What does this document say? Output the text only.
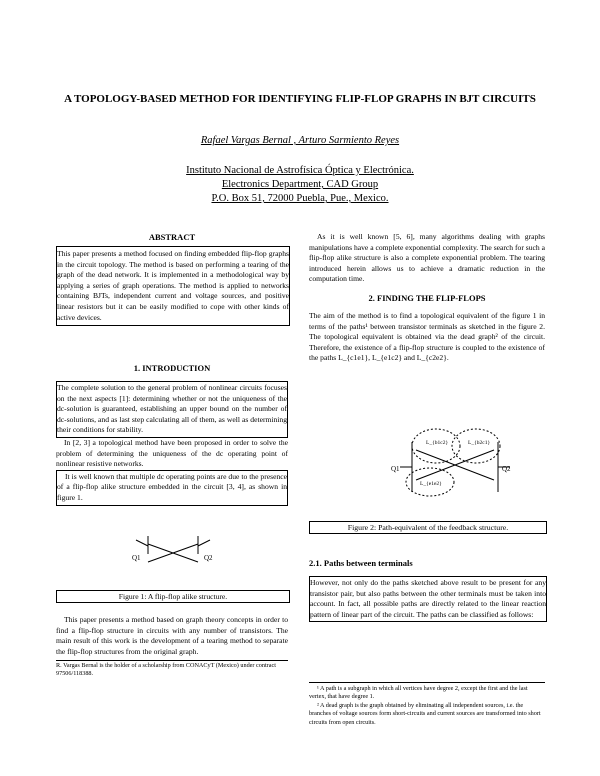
A TOPOLOGY-BASED METHOD FOR IDENTIFYING FLIP-FLOP GRAPHS IN BJT CIRCUITS
Rafael Vargas Bernal , Arturo Sarmiento Reyes
Instituto Nacional de Astrofísica Óptica y Electrónica.
Electronics Department, CAD Group
P.O. Box 51, 72000 Puebla, Pue., Mexico.
ABSTRACT
This paper presents a method focused on finding embedded flip-flop graphs in the circuit topology. The method is based on performing a tearing of the graph of the dead network. It is implemented in a methodological way by applying a series of graph operations. The method is applied to networks containing BJTs, independent current and voltage sources, and positive linear resistors but it can be easily modified to cope with other kinds of active devices.
1. INTRODUCTION
The complete solution to the general problem of nonlinear circuits focuses on the next aspects [1]: determining whether or not the uniqueness of the dc-solution is guaranteed, establishing an upper bound on the number of dc-solutions, and as last step calculating all of them, as well as determining their conditions for stability.
In [2, 3] a topological method have been proposed in order to solve the problem of determining the uniqueness of the dc operating point of nonlinear resistive networks.
It is well known that multiple dc operating points are due to the presence of a flip-flop alike structure embedded in the circuit [3, 4], as shown in figure 1.
Q1	Q2
Figure 1: A flip-flop alike structure.
This paper presents a method based on graph theory concepts in order to find a flip-flop structure in circuits with any number of transistors. The main result of this work is the development of a tearing method to separate the flip-flop structures from the original graph.
R. Vargas Bernal is the holder of a scholarship from CONACyT (Mexico) under contract 97506/118388.
As it is well known [5, 6], many algorithms dealing with graphs manipulations have a complete exponential complexity. The search for such a flip-flop alike structure is also a complete exponential problem. The tearing introduced herein allows us to achieve a dramatic reduction in the computation time.
2. FINDING THE FLIP-FLOPS
The aim of the method is to find a topological equivalent of the figure 1 in terms of the paths¹ between transistor terminals as sketched in the figure 2. The topological equivalent is obtained via the dead graph² of the circuit. Therefore, the existence of a flip-flop structure is coupled to the existence of the paths L_{c1e1}, L_{e1c2} and L_{c2e2}.
Q1	Q2
L_{b1c2}	L_{b2c1}
L_{e1e2}
Figure 2: Path-equivalent of the feedback structure.
2.1. Paths between terminals
However, not only do the paths sketched above result to be present for any transistor pair, but also paths between the other terminals must be taken into account. In fact, all possible paths are directly related to the linear reaction pattern of linear part of the circuit. The paths can be classified as follows:
¹ A path is a subgraph in which all vertices have degree 2, except the first and the last vertex, that have degree 1.
² A dead graph is the graph obtained by eliminating all independent sources, i.e. the branches of voltage sources form short-circuits and current sources are transformed into short circuits from open circuits.
